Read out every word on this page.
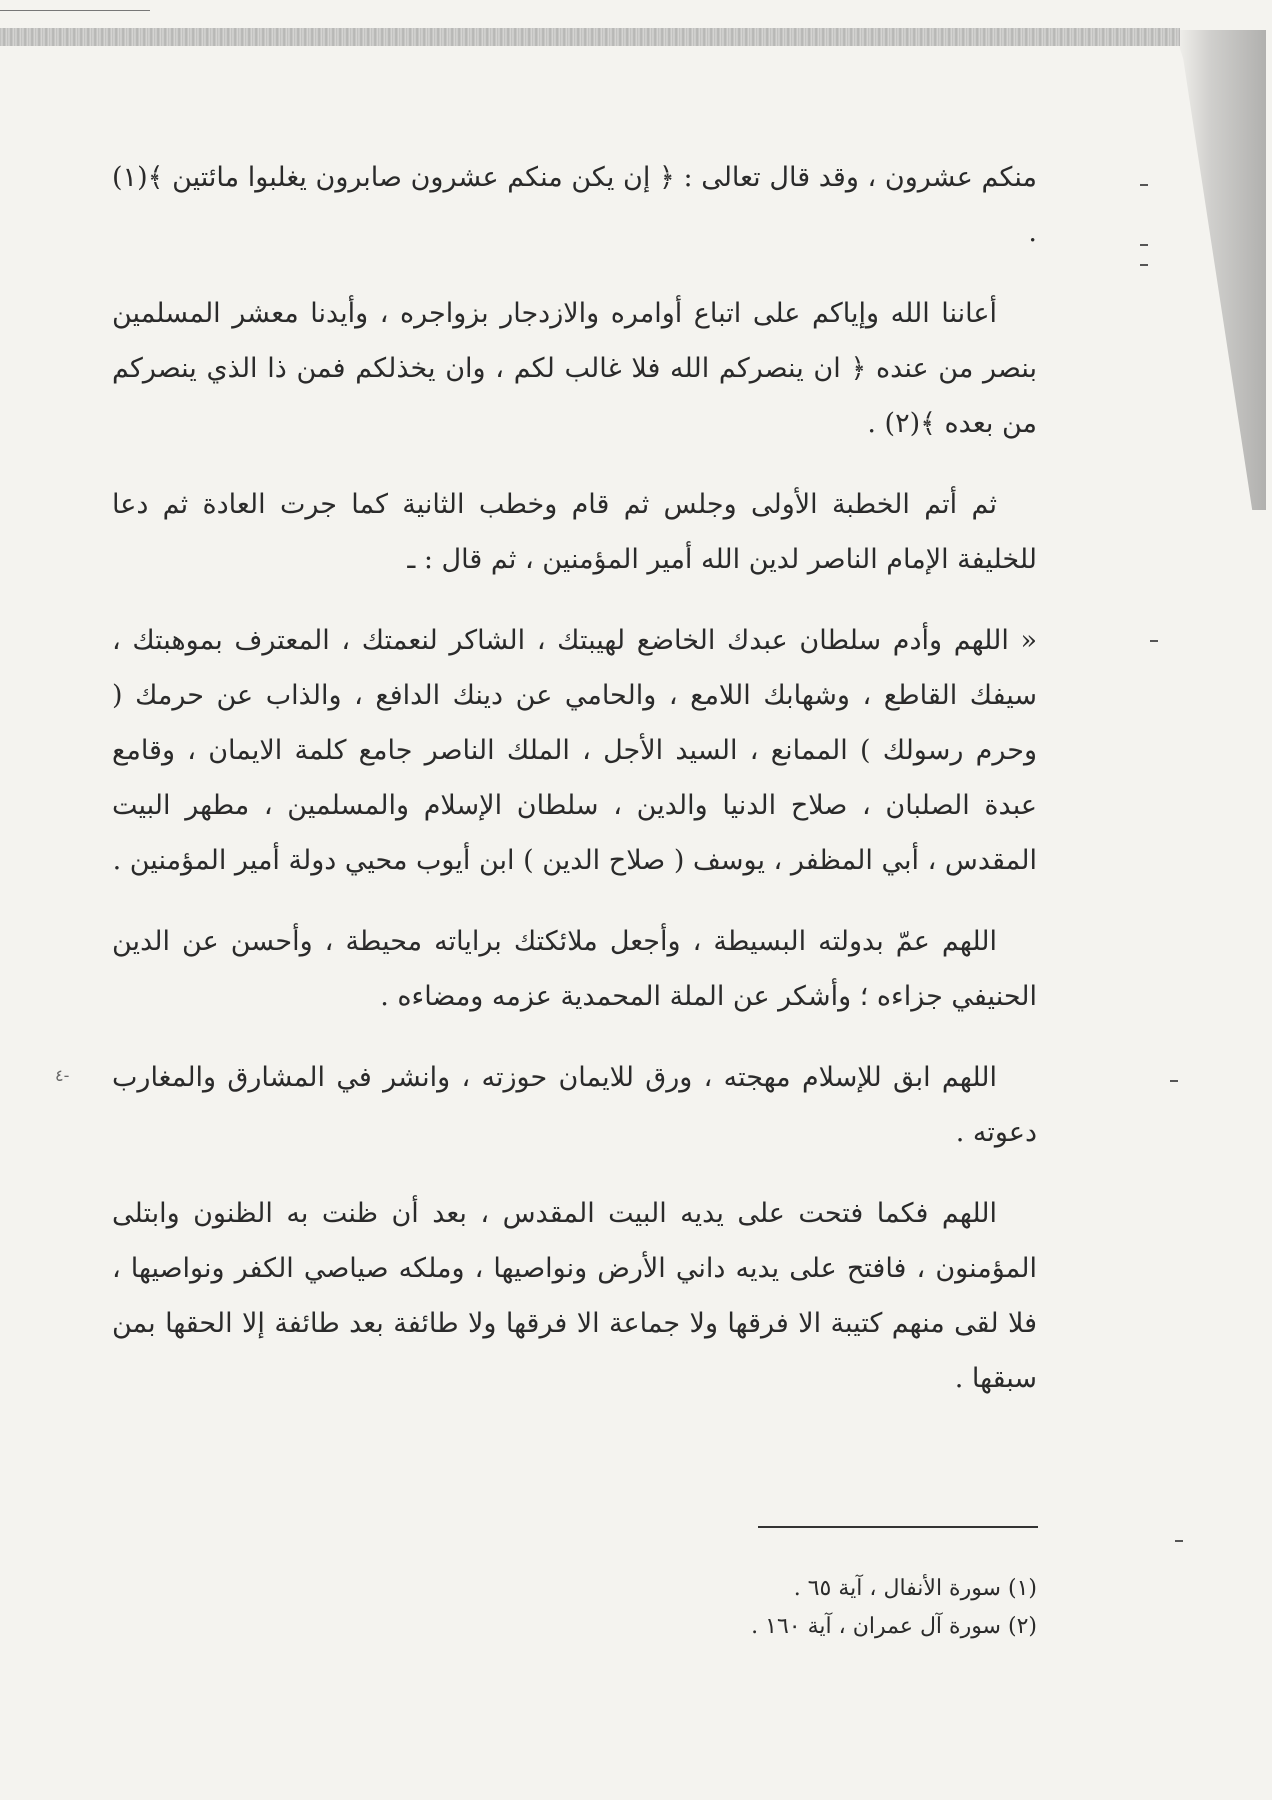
٤-

منكم عشرون ، وقد قال تعالى : ﴿ إن يكن منكم عشرون صابرون يغلبوا مائتين ﴾(١) .

أعاننا الله وإياكم على اتباع أوامره والازدجار بزواجره ، وأيدنا معشر المسلمين بنصر من عنده ﴿ ان ينصركم الله فلا غالب لكم ، وان يخذلكم فمن ذا الذي ينصركم من بعده ﴾(٢) .

ثم أتم الخطبة الأولى وجلس ثم قام وخطب الثانية كما جرت العادة ثم دعا للخليفة الإمام الناصر لدين الله أمير المؤمنين ، ثم قال : ـ

« اللهم وأدم سلطان عبدك الخاضع لهيبتك ، الشاكر لنعمتك ، المعترف بموهبتك ، سيفك القاطع ، وشهابك اللامع ، والحامي عن دينك الدافع ، والذاب عن حرمك ( وحرم رسولك ) الممانع ، السيد الأجل ، الملك الناصر جامع كلمة الايمان ، وقامع عبدة الصلبان ، صلاح الدنيا والدين ، سلطان الإسلام والمسلمين ، مطهر البيت المقدس ، أبي المظفر ، يوسف ( صلاح الدين ) ابن أيوب محيي دولة أمير المؤمنين .

اللهم عمّ بدولته البسيطة ، وأجعل ملائكتك براياته محيطة ، وأحسن عن الدين الحنيفي جزاءه ؛ وأشكر عن الملة المحمدية عزمه ومضاءه .

اللهم ابق للإسلام مهجته ، ورق للايمان حوزته ، وانشر في المشارق والمغارب دعوته .

اللهم فكما فتحت على يديه البيت المقدس ، بعد أن ظنت به الظنون وابتلى المؤمنون ، فافتح على يديه داني الأرض ونواصيها ، وملكه صياصي الكفر ونواصيها ، فلا لقى منهم كتيبة الا فرقها ولا جماعة الا فرقها ولا طائفة بعد طائفة إلا الحقها بمن سبقها .

(١) سورة الأنفال ، آية ٦٥ .

(٢) سورة آل عمران ، آية ١٦٠ .
